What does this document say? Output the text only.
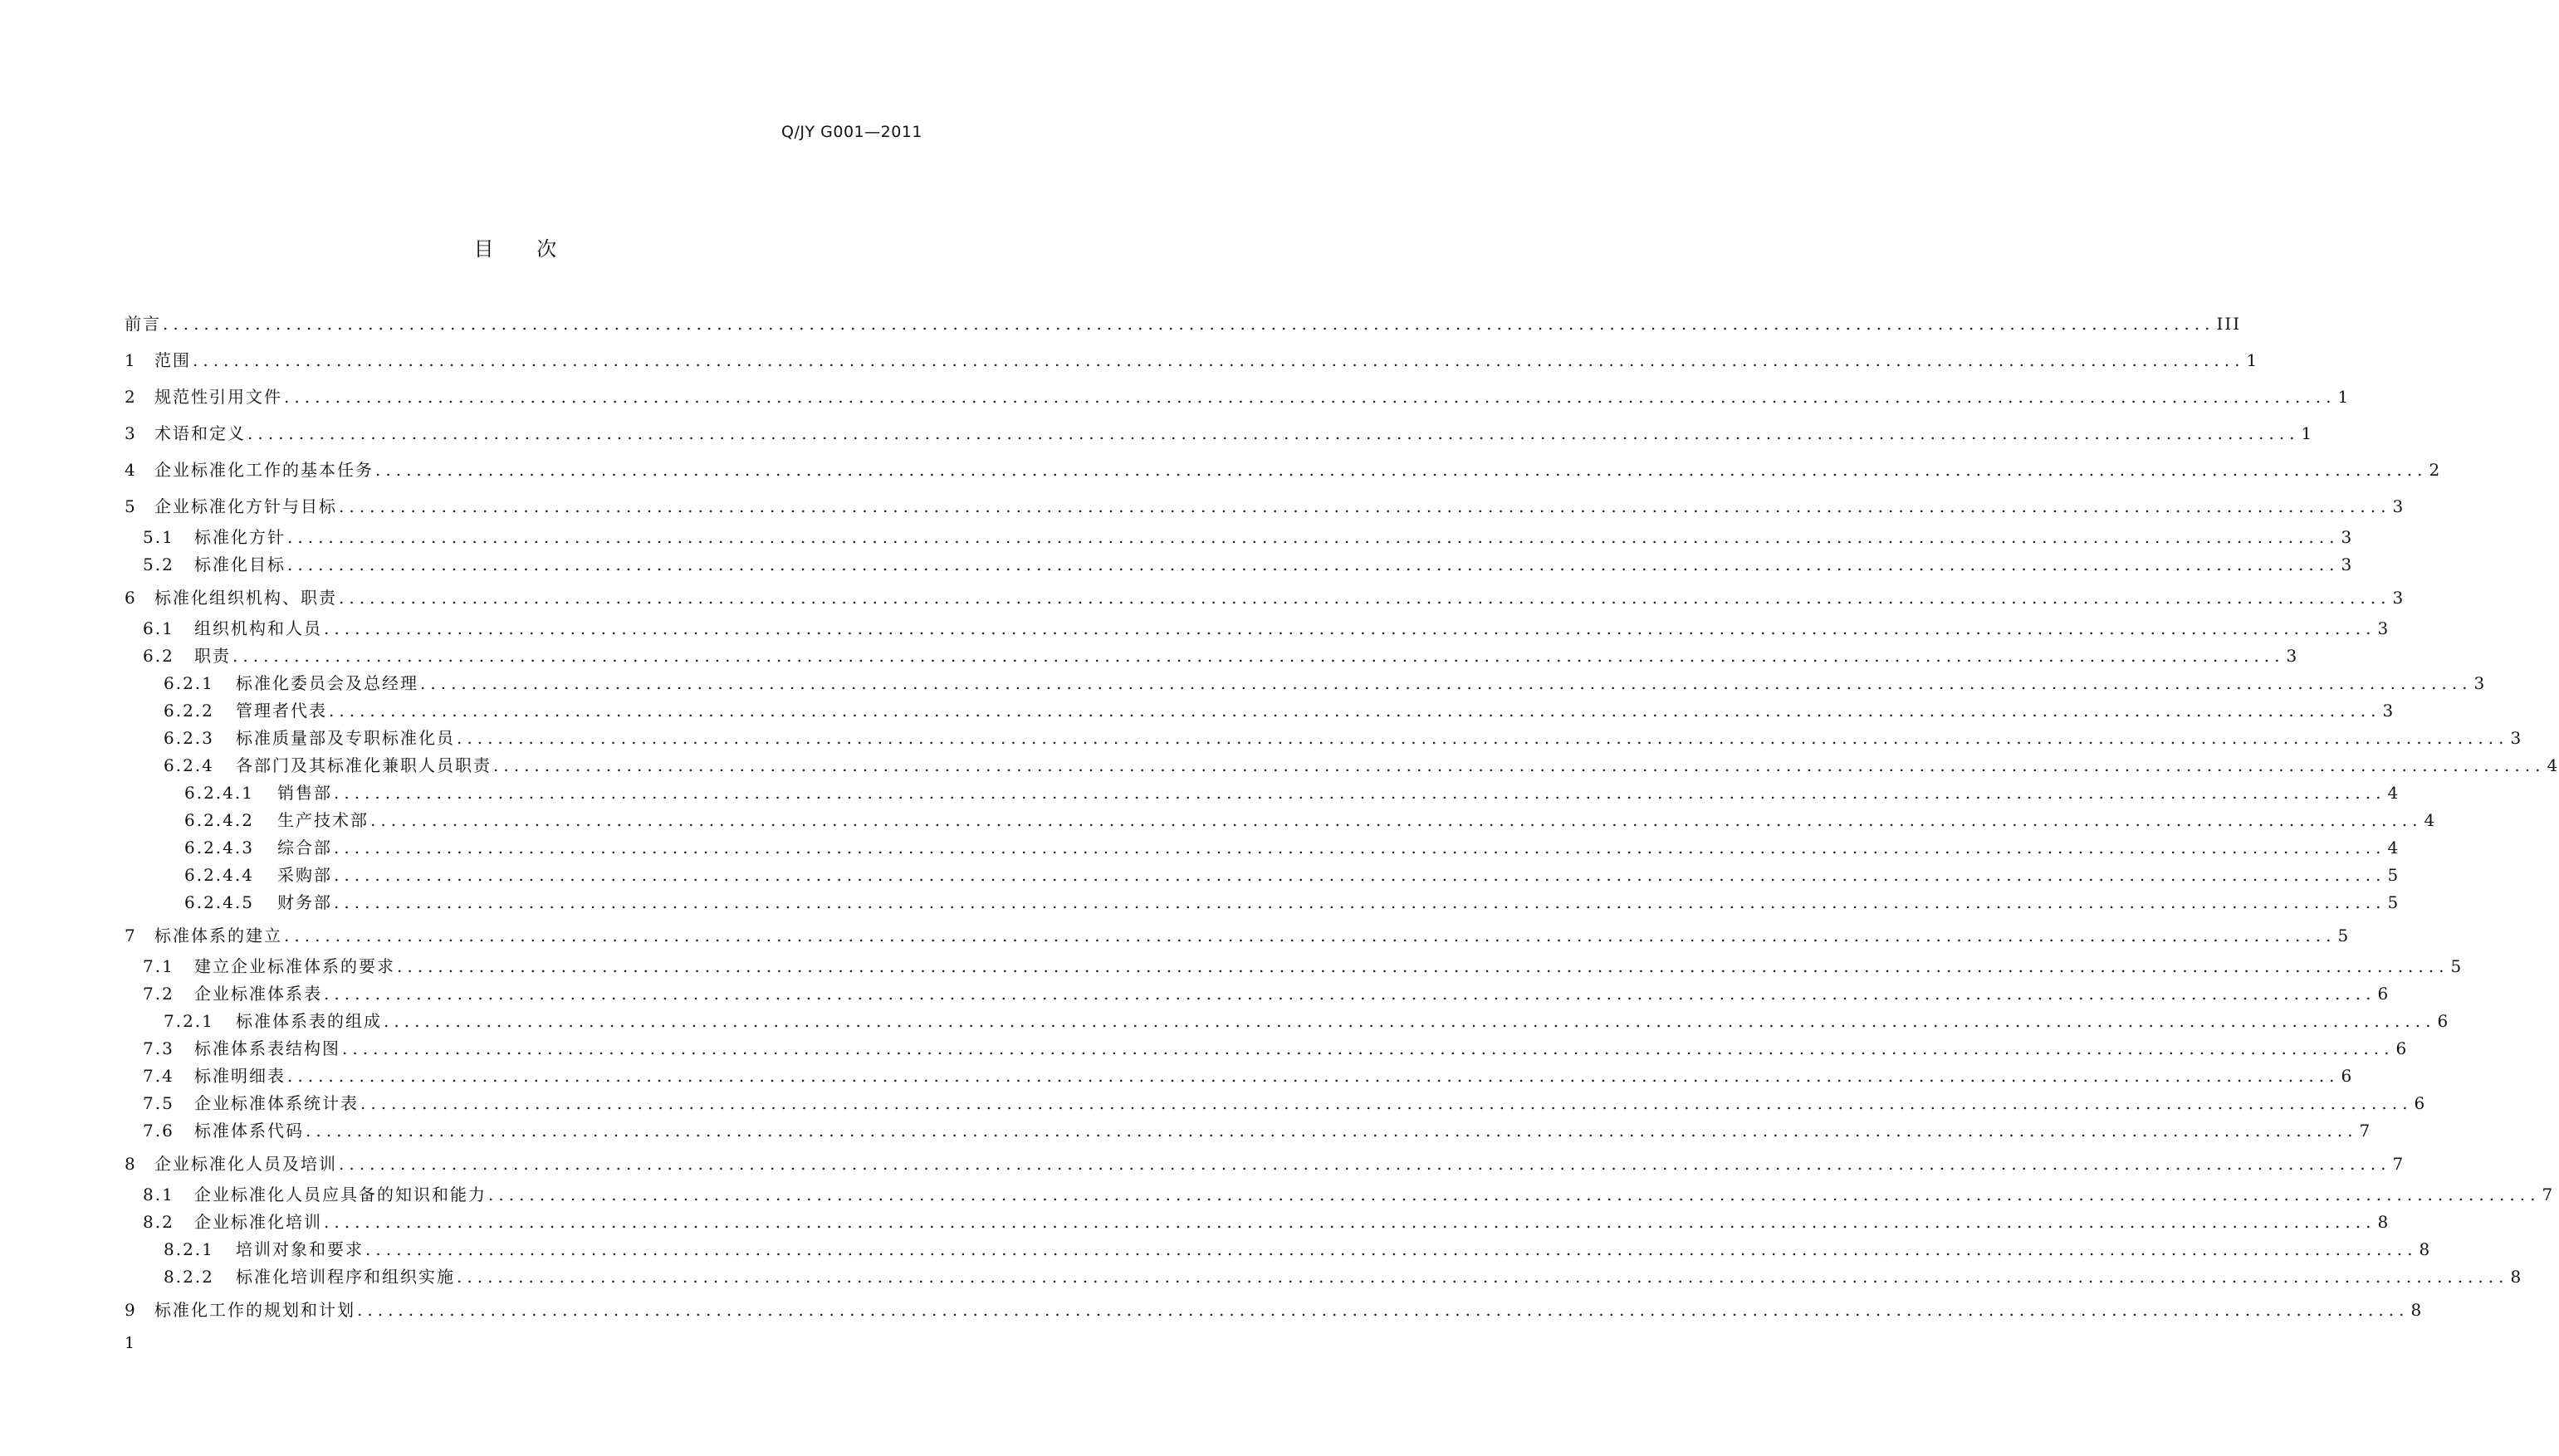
Q/JY G001—2011
目 次
前言 ........................................................................................................................................................................................................ III
1	范围 ........................................................................................................................................................................................................ 1
2	规范性引用文件 ........................................................................................................................................................................................................ 1
3	术语和定义 ........................................................................................................................................................................................................ 1
4	企业标准化工作的基本任务 ........................................................................................................................................................................................................ 2
5	企业标准化方针与目标 ........................................................................................................................................................................................................ 3
5.1	标准化方针 ........................................................................................................................................................................................................ 3
5.2	标准化目标 ........................................................................................................................................................................................................ 3
6	标准化组织机构、职责 ........................................................................................................................................................................................................ 3
6.1	组织机构和人员 ........................................................................................................................................................................................................ 3
6.2	职责 ........................................................................................................................................................................................................ 3
6.2.1	标准化委员会及总经理 ........................................................................................................................................................................................................ 3
6.2.2	管理者代表 ........................................................................................................................................................................................................ 3
6.2.3	标准质量部及专职标准化员 ........................................................................................................................................................................................................ 3
6.2.4	各部门及其标准化兼职人员职责 ........................................................................................................................................................................................................ 4
6.2.4.1	销售部 ........................................................................................................................................................................................................ 4
6.2.4.2	生产技术部 ........................................................................................................................................................................................................ 4
6.2.4.3	综合部 ........................................................................................................................................................................................................ 4
6.2.4.4	采购部 ........................................................................................................................................................................................................ 5
6.2.4.5	财务部 ........................................................................................................................................................................................................ 5
7	标准体系的建立 ........................................................................................................................................................................................................ 5
7.1	建立企业标准体系的要求 ........................................................................................................................................................................................................ 5
7.2	企业标准体系表 ........................................................................................................................................................................................................ 6
7.2.1	标准体系表的组成 ........................................................................................................................................................................................................ 6
7.3	标准体系表结构图 ........................................................................................................................................................................................................ 6
7.4	标准明细表 ........................................................................................................................................................................................................ 6
7.5	企业标准体系统计表 ........................................................................................................................................................................................................ 6
7.6	标准体系代码 ........................................................................................................................................................................................................ 7
8	企业标准化人员及培训 ........................................................................................................................................................................................................ 7
8.1	企业标准化人员应具备的知识和能力 ........................................................................................................................................................................................................ 7
8.2	企业标准化培训 ........................................................................................................................................................................................................ 8
8.2.1	培训对象和要求 ........................................................................................................................................................................................................ 8
8.2.2	标准化培训程序和组织实施 ........................................................................................................................................................................................................ 8
9	标准化工作的规划和计划 ........................................................................................................................................................................................................ 8
1
